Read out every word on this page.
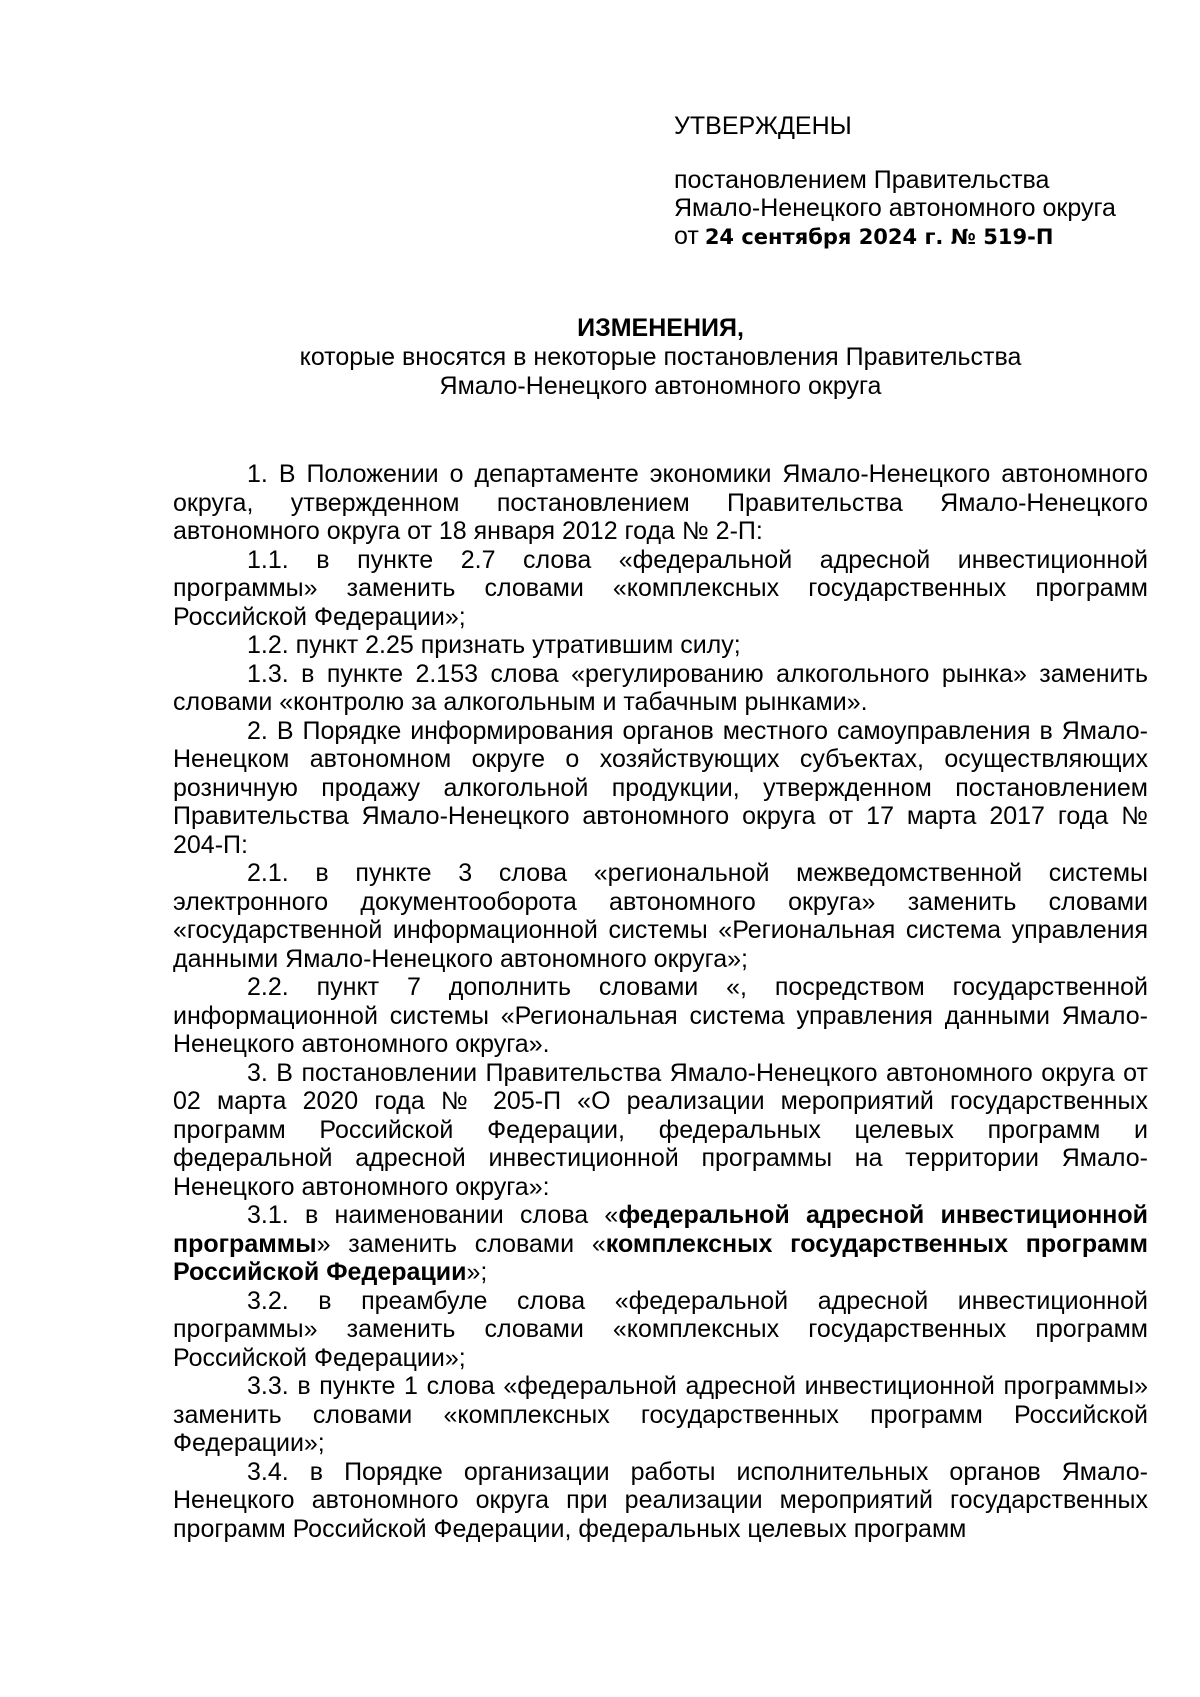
УТВЕРЖДЕНЫ
постановлением Правительства
Ямало-Ненецкого автономного округа
от 24 сентября 2024 г. № 519-П
ИЗМЕНЕНИЯ,
которые вносятся в некоторые постановления Правительства
Ямало-Ненецкого автономного округа

1. В Положении о департаменте экономики Ямало-Ненецкого автономного округа, утвержденном постановлением Правительства Ямало-Ненецкого автономного округа от 18 января 2012 года № 2-П:

1.1. в пункте 2.7 слова «федеральной адресной инвестиционной программы» заменить словами «комплексных государственных программ Российской Федерации»;

1.2. пункт 2.25 признать утратившим силу;

1.3. в пункте 2.153 слова «регулированию алкогольного рынка» заменить словами «контролю за алкогольным и табачным рынками».

2. В Порядке информирования органов местного самоуправления в Ямало-Ненецком автономном округе о хозяйствующих субъектах, осуществляющих розничную продажу алкогольной продукции, утвержденном постановлением Правительства Ямало-Ненецкого автономного округа от 17 марта 2017 года № 204-П:

2.1. в пункте 3 слова «региональной межведомственной системы электронного документооборота автономного округа» заменить словами «государственной информационной системы «Региональная система управления данными Ямало-Ненецкого автономного округа»;

2.2. пункт 7 дополнить словами «, посредством государственной информационной системы «Региональная система управления данными Ямало-Ненецкого автономного округа».

3. В постановлении Правительства Ямало-Ненецкого автономного округа от 02 марта 2020 года № 205-П «О реализации мероприятий государственных программ Российской Федерации, федеральных целевых программ и федеральной адресной инвестиционной программы на территории Ямало-Ненецкого автономного округа»:

3.1. в наименовании слова «федеральной адресной инвестиционной программы» заменить словами «комплексных государственных программ Российской Федерации»;

3.2. в преамбуле слова «федеральной адресной инвестиционной программы» заменить словами «комплексных государственных программ Российской Федерации»;

3.3. в пункте 1 слова «федеральной адресной инвестиционной программы» заменить словами «комплексных государственных программ Российской Федерации»;

3.4. в Порядке организации работы исполнительных органов Ямало-Ненецкого автономного округа при реализации мероприятий государственных программ Российской Федерации, федеральных целевых программ
